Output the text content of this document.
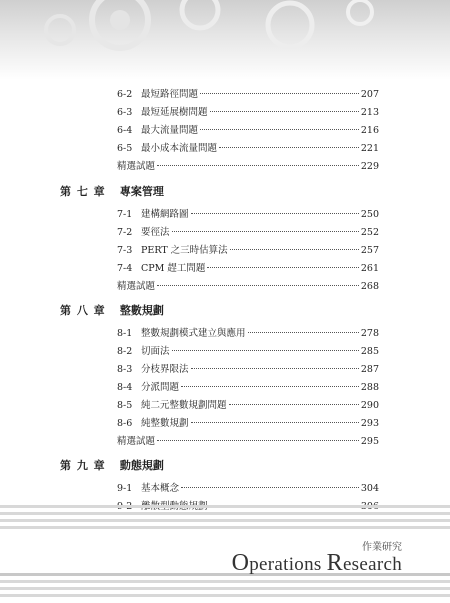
6-2 最短路徑問題	207
6-3 最短延展樹問題	213
6-4 最大流量問題	216
6-5 最小成本流量問題	221
精選試題	229
第 七 章 專案管理
7-1 建構網路圖	250
7-2 要徑法	252
7-3 PERT 之三時估算法	257
7-4 CPM 趕工問題	261
精選試題	268
第 八 章 整數規劃
8-1 整數規劃模式建立與應用	278
8-2 切面法	285
8-3 分枝界限法	287
8-4 分派問題	288
8-5 純二元整數規劃問題	290
8-6 純整數規劃	293
精選試題	295
第 九 章 動態規劃
9-1 基本概念	304
作業研究
Operations Research
